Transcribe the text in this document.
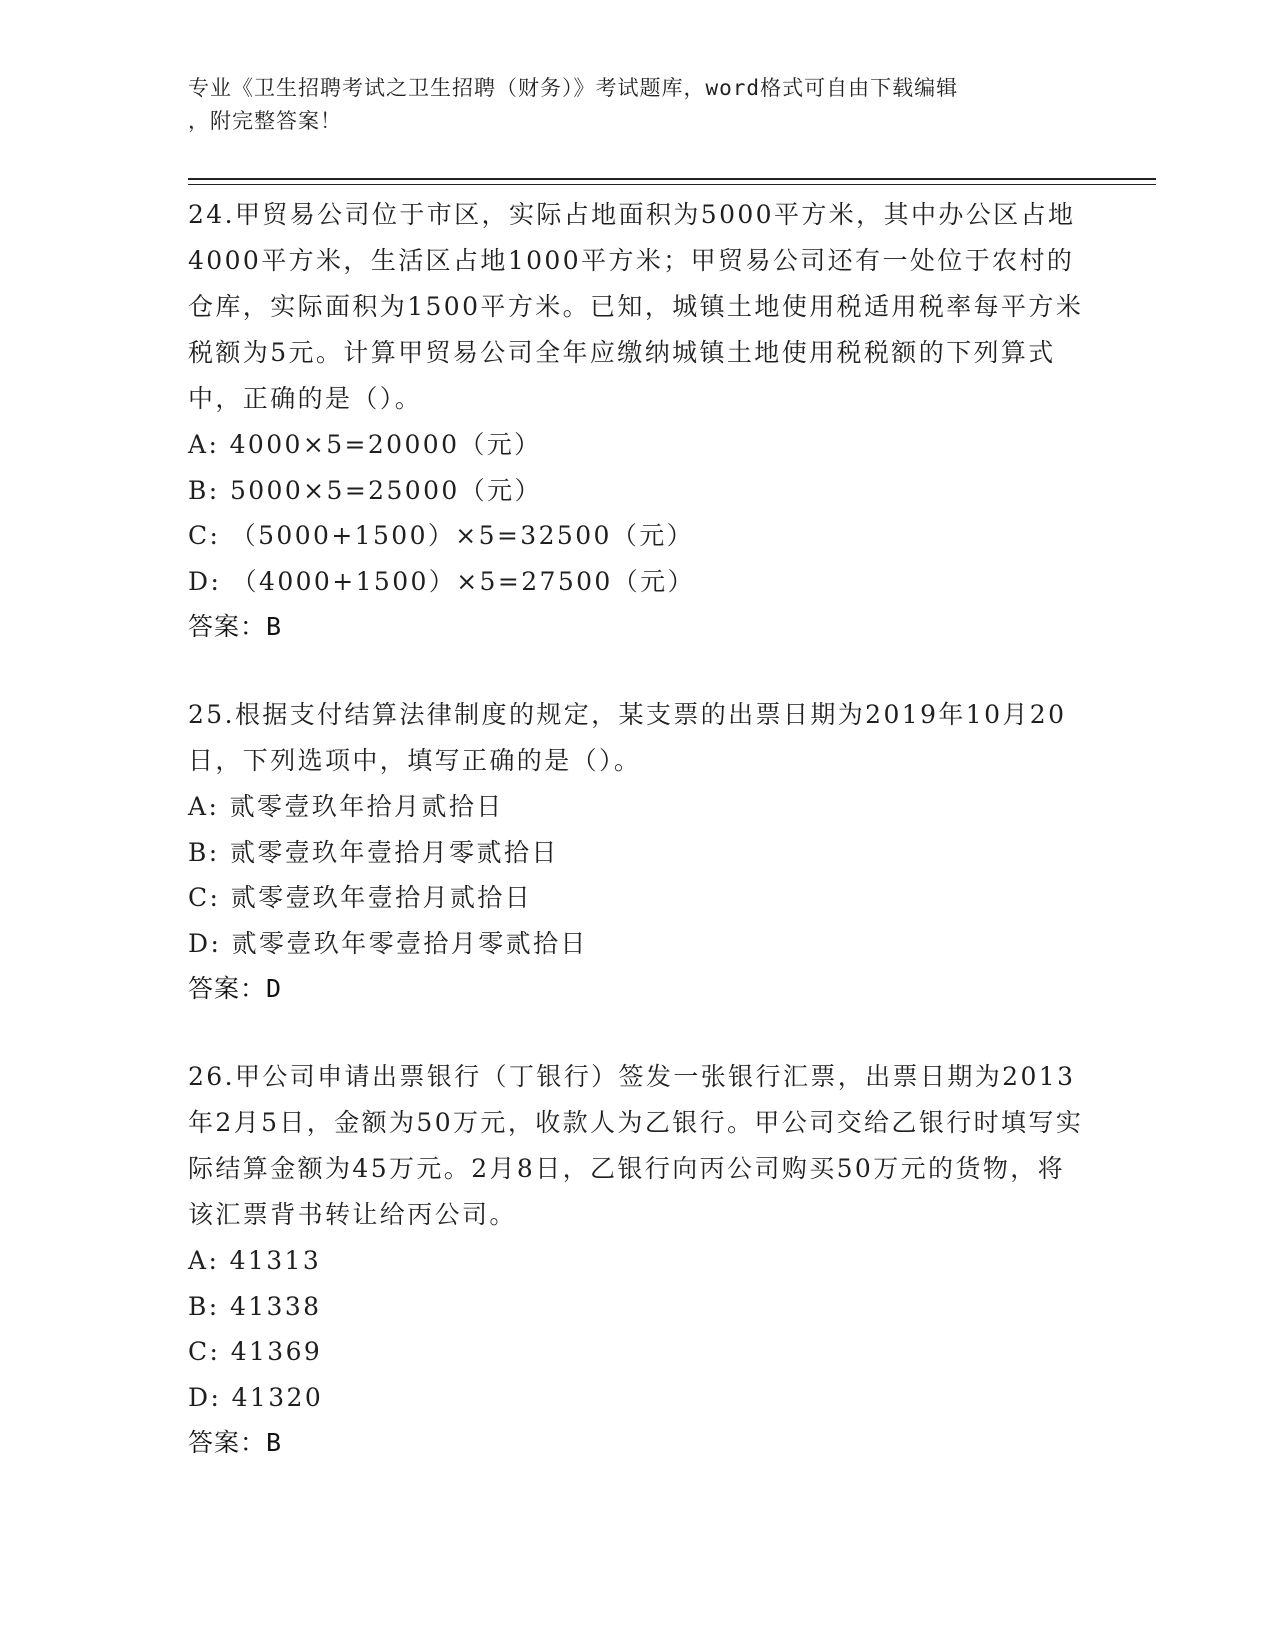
专业《卫生招聘考试之卫生招聘（财务）》考试题库，word格式可自由下载编辑
，附完整答案！
24.甲贸易公司位于市区，实际占地面积为5000平方米，其中办公区占地4000平方米，生活区占地1000平方米；甲贸易公司还有一处位于农村的仓库，实际面积为1500平方米。已知，城镇土地使用税适用税率每平方米税额为5元。计算甲贸易公司全年应缴纳城镇土地使用税税额的下列算式中，正确的是（）。
A: 4000×5=20000（元）
B: 5000×5=25000（元）
C: （5000+1500）×5=32500（元）
D: （4000+1500）×5=27500（元）
答案：B
25.根据支付结算法律制度的规定，某支票的出票日期为2019年10月20日，下列选项中，填写正确的是（）。
A: 贰零壹玖年拾月贰拾日
B: 贰零壹玖年壹拾月零贰拾日
C: 贰零壹玖年壹拾月贰拾日
D: 贰零壹玖年零壹拾月零贰拾日
答案：D
26.甲公司申请出票银行（丁银行）签发一张银行汇票，出票日期为2013年2月5日，金额为50万元，收款人为乙银行。甲公司交给乙银行时填写实际结算金额为45万元。2月8日，乙银行向丙公司购买50万元的货物，将该汇票背书转让给丙公司。
A: 41313
B: 41338
C: 41369
D: 41320
答案：B
